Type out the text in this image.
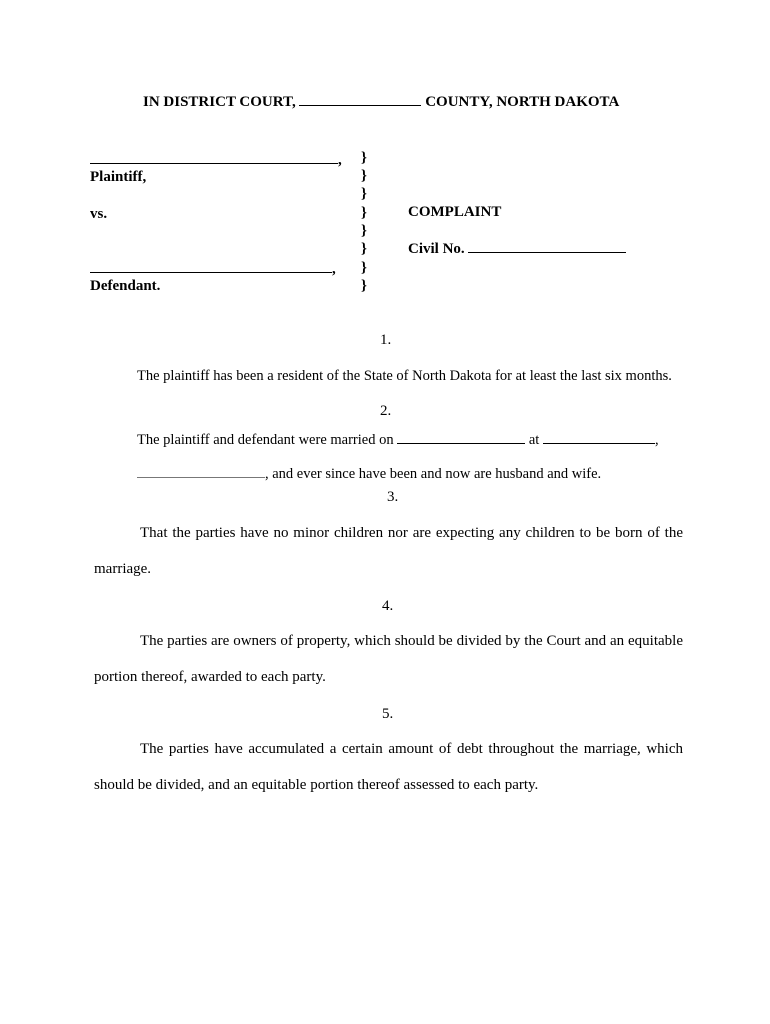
IN DISTRICT COURT,	COUNTY, NORTH DAKOTA
,
Plaintiff,
vs.
,
Defendant.
}
}
}
}
}
}
}
}
COMPLAINT
Civil No.
1.
The plaintiff has been a resident of the State of North Dakota for at least the last six months.
2.
The plaintiff and defendant were married on	at	,
, and ever since have been and now are husband and wife.
3.
That the parties have no minor children nor are expecting any children to be born of the
marriage.
4.
The parties are owners of property, which should be divided by the Court and an equitable
portion thereof, awarded to each party.
5.
The parties have accumulated a certain amount of debt throughout the marriage, which
should be divided, and an equitable portion thereof assessed to each party.
